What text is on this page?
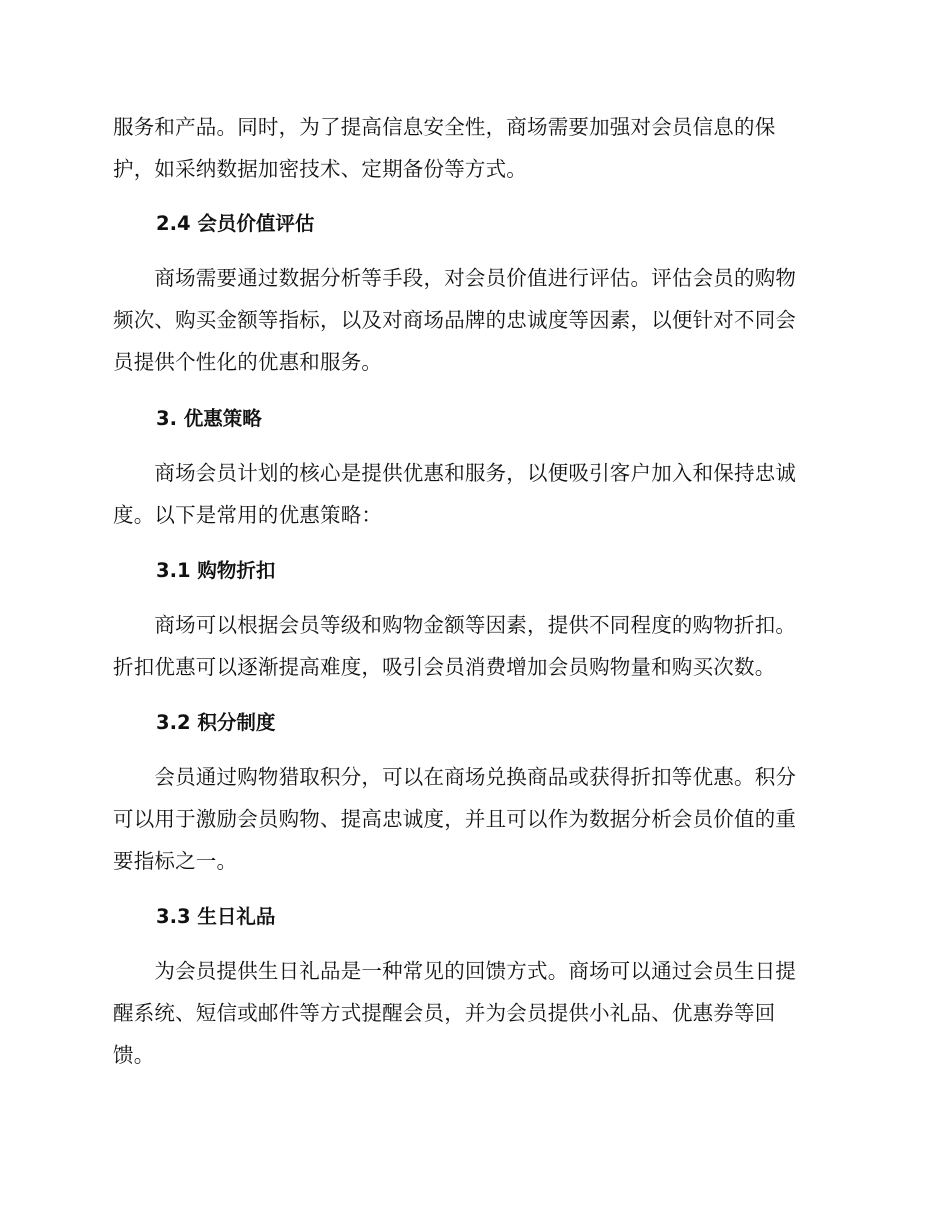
服务和产品。同时，为了提高信息安全性，商场需要加强对会员信息的保
护，如采纳数据加密技术、定期备份等方式。

2.4 会员价值评估

　　商场需要通过数据分析等手段，对会员价值进行评估。评估会员的购物
频次、购买金额等指标，以及对商场品牌的忠诚度等因素，以便针对不同会
员提供个性化的优惠和服务。

3. 优惠策略

　　商场会员计划的核心是提供优惠和服务，以便吸引客户加入和保持忠诚
度。以下是常用的优惠策略：

3.1 购物折扣

　　商场可以根据会员等级和购物金额等因素，提供不同程度的购物折扣。
折扣优惠可以逐渐提高难度，吸引会员消费增加会员购物量和购买次数。

3.2 积分制度

　　会员通过购物猎取积分，可以在商场兑换商品或获得折扣等优惠。积分
可以用于激励会员购物、提高忠诚度，并且可以作为数据分析会员价值的重
要指标之一。

3.3 生日礼品

　　为会员提供生日礼品是一种常见的回馈方式。商场可以通过会员生日提
醒系统、短信或邮件等方式提醒会员，并为会员提供小礼品、优惠券等回
馈。
